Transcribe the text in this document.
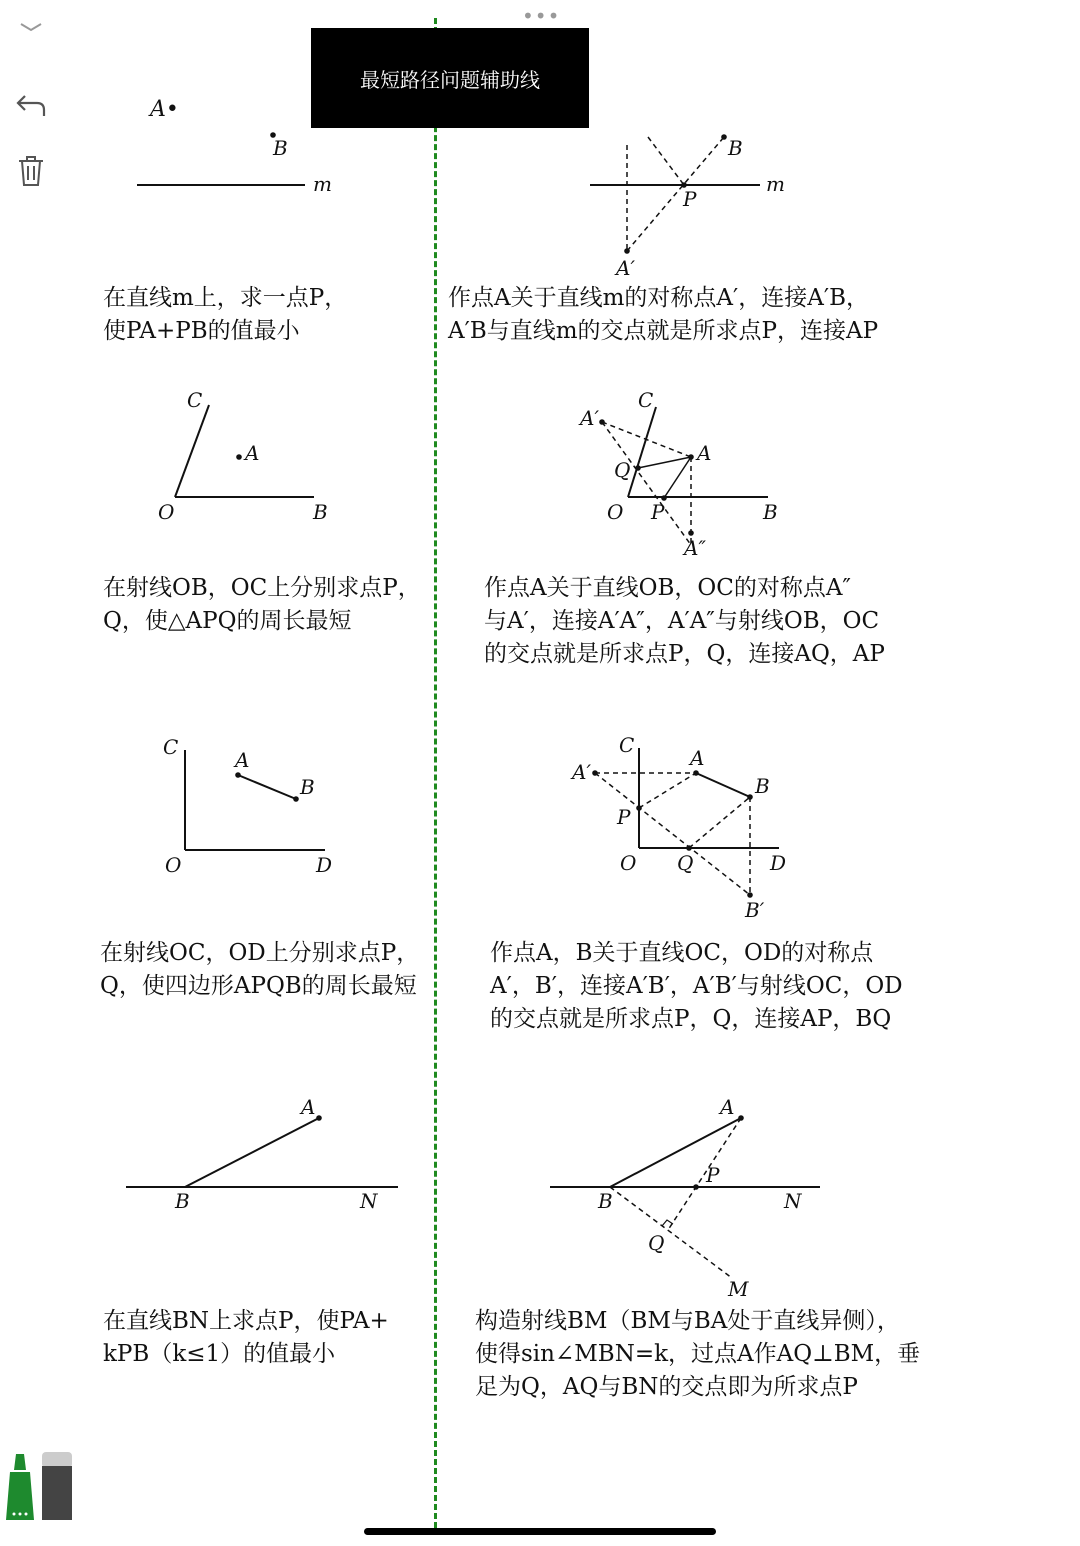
•••
最短路径问题辅助线
A•
B
m	m
B
P
A′
在直线m上，求一点P，
使PA+PB的值最小
作点A关于直线m的对称点A′，连接A′B，
A′B与直线m的交点就是所求点P，连接AP
C
A
O	B
C
A′
A
Q
P
A″
O	B
在射线OB，OC上分别求点P，
Q，使△APQ的周长最短
作点A关于直线OB，OC的对称点A″
与A′，连接A′A″，A′A″与射线OB，OC
的交点就是所求点P，Q，连接AQ，AP
C
A
B
O	D
C
A′
A
B
P
Q
B′
O	D
在射线OC，OD上分别求点P，
Q，使四边形APQB的周长最短
作点A，B关于直线OC，OD的对称点
A′，B′，连接A′B′，A′B′与射线OC，OD
的交点就是所求点P，Q，连接AP，BQ
A
B	N
A
P
Q
B	N
M
在直线BN上求点P，使PA+
kPB（k≤1）的值最小
构造射线BM（BM与BA处于直线异侧），
使得sin∠MBN=k，过点A作AQ⊥BM，垂
足为Q，AQ与BN的交点即为所求点P
